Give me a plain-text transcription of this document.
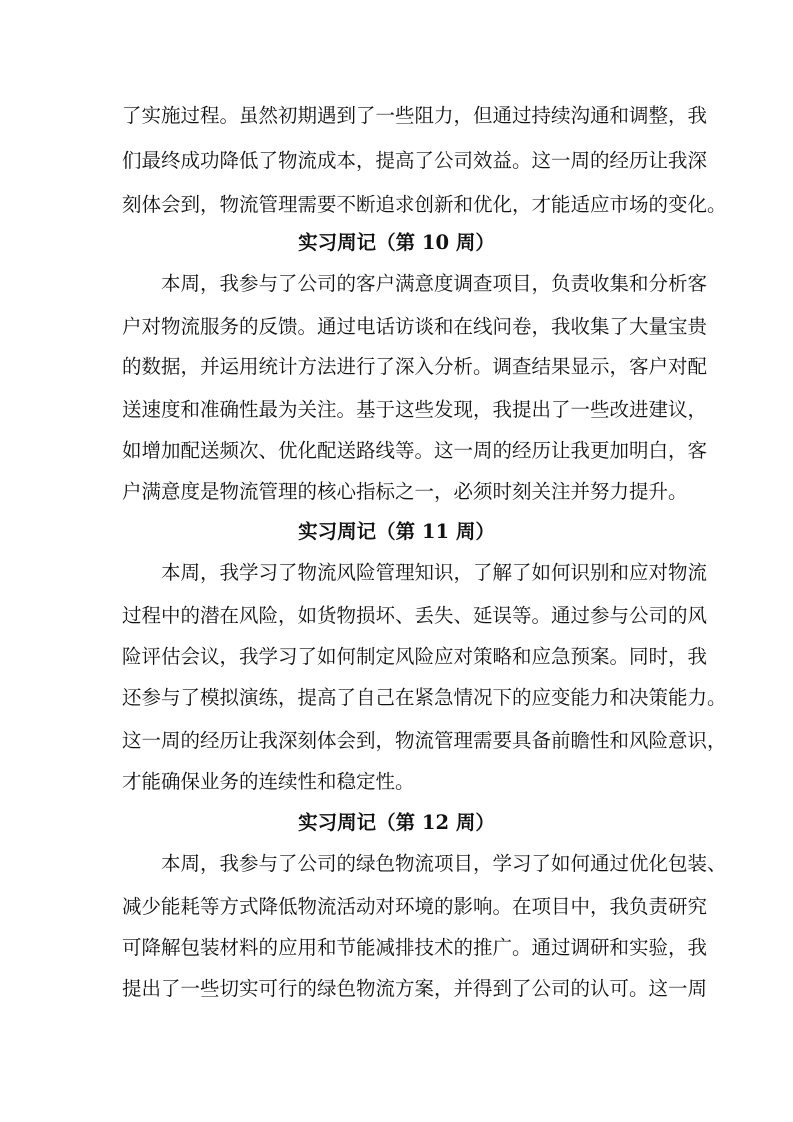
了实施过程。虽然初期遇到了一些阻力，但通过持续沟通和调整，我
们最终成功降低了物流成本，提高了公司效益。这一周的经历让我深
刻体会到，物流管理需要不断追求创新和优化，才能适应市场的变化。
实习周记（第 10 周）
本周，我参与了公司的客户满意度调查项目，负责收集和分析客
户对物流服务的反馈。通过电话访谈和在线问卷，我收集了大量宝贵
的数据，并运用统计方法进行了深入分析。调查结果显示，客户对配
送速度和准确性最为关注。基于这些发现，我提出了一些改进建议，
如增加配送频次、优化配送路线等。这一周的经历让我更加明白，客
户满意度是物流管理的核心指标之一，必须时刻关注并努力提升。
实习周记（第 11 周）
本周，我学习了物流风险管理知识，了解了如何识别和应对物流
过程中的潜在风险，如货物损坏、丢失、延误等。通过参与公司的风
险评估会议，我学习了如何制定风险应对策略和应急预案。同时，我
还参与了模拟演练，提高了自己在紧急情况下的应变能力和决策能力。
这一周的经历让我深刻体会到，物流管理需要具备前瞻性和风险意识，
才能确保业务的连续性和稳定性。
实习周记（第 12 周）
本周，我参与了公司的绿色物流项目，学习了如何通过优化包装、
减少能耗等方式降低物流活动对环境的影响。在项目中，我负责研究
可降解包装材料的应用和节能减排技术的推广。通过调研和实验，我
提出了一些切实可行的绿色物流方案，并得到了公司的认可。这一周
